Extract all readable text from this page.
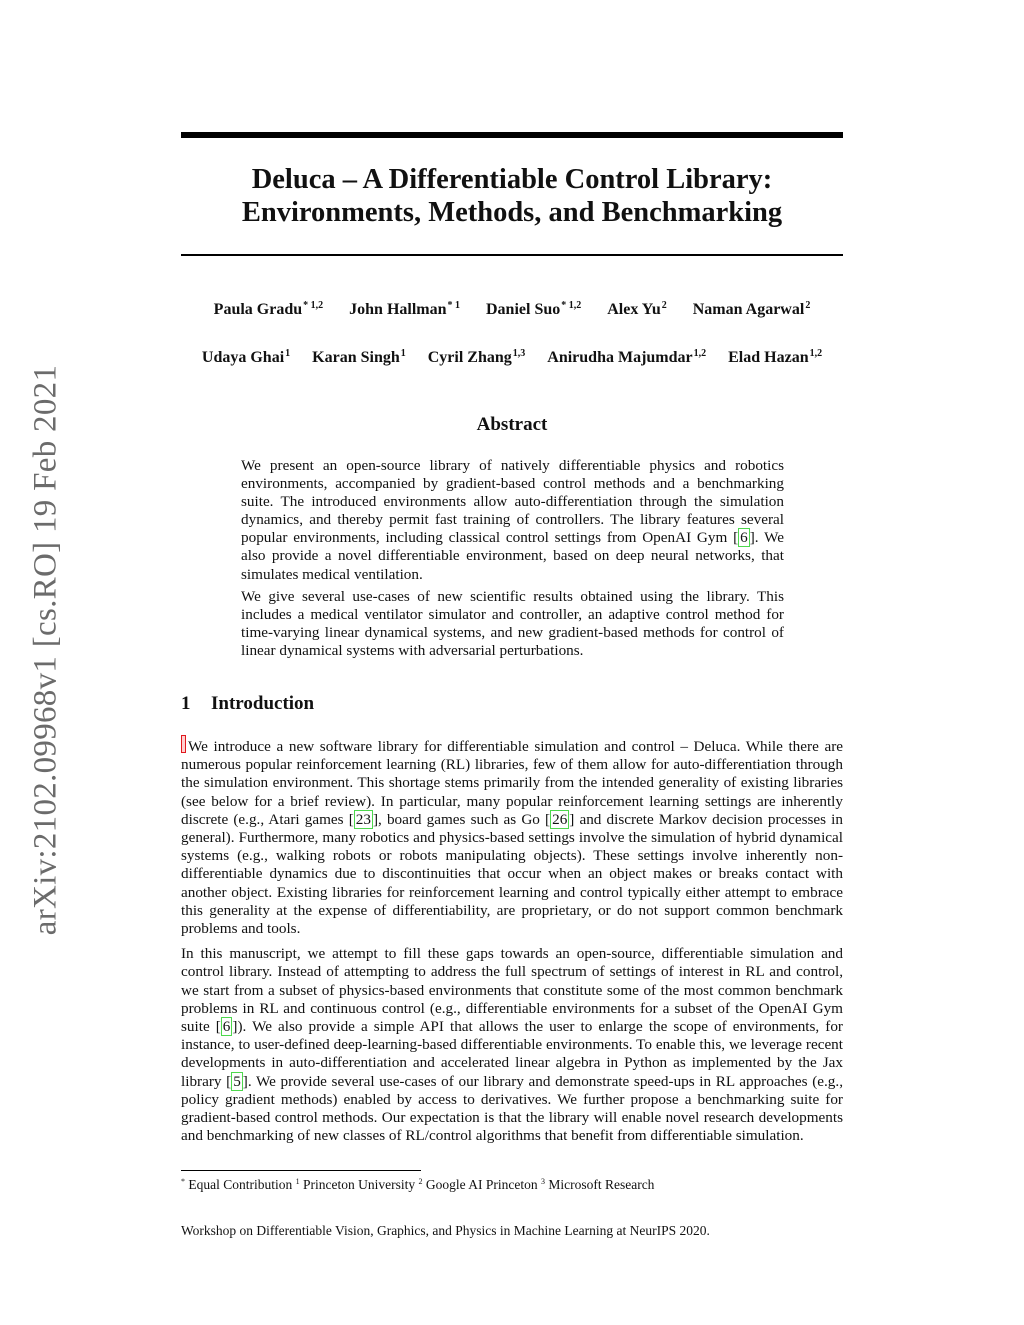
arXiv:2102.09968v1 [cs.RO] 19 Feb 2021
Deluca – A Differentiable Control Library:
Environments, Methods, and Benchmarking
Paula Gradu$^{* 1,2}$ John Hallman$^{* 1}$ Daniel Suo$^{* 1,2}$ Alex Yu$^2$ Naman Agarwal$^2$
Udaya Ghai$^1$ Karan Singh$^1$ Cyril Zhang$^{1,3}$ Anirudha Majumdar$^{1,2}$ Elad Hazan$^{1,2}$
Abstract

We present an open-source library of natively differentiable physics and robotics environments, accompanied by gradient-based control methods and a benchmarking suite. The introduced environments allow auto-differentiation through the simulation dynamics, and thereby permit fast training of controllers. The library features several popular environments, including classical control settings from OpenAI Gym [ 6 ]. We also provide a novel differentiable environment, based on deep neural networks, that simulates medical ventilation.

We give several use-cases of new scientific results obtained using the library. This includes a medical ventilator simulator and controller, an adaptive control method for time-varying linear dynamical systems, and new gradient-based methods for control of linear dynamical systems with adversarial perturbations.

1 Introduction

We introduce a new software library for differentiable simulation and control – Deluca. While there are numerous popular reinforcement learning (RL) libraries, few of them allow for auto-differentiation through the simulation environment. This shortage stems primarily from the intended generality of existing libraries (see below for a brief review). In particular, many popular reinforcement learning settings are inherently discrete (e.g., Atari games [ 23 ], board games such as Go [ 26 ] and discrete Markov decision processes in general). Furthermore, many robotics and physics-based settings involve the simulation of hybrid dynamical systems (e.g., walking robots or robots manipulating objects). These settings involve inherently non-differentiable dynamics due to discontinuities that occur when an object makes or breaks contact with another object. Existing libraries for reinforcement learning and control typically either attempt to embrace this generality at the expense of differentiability, are proprietary, or do not support common benchmark problems and tools.

In this manuscript, we attempt to fill these gaps towards an open-source, differentiable simulation and control library. Instead of attempting to address the full spectrum of settings of interest in RL and control, we start from a subset of physics-based environments that constitute some of the most common benchmark problems in RL and continuous control (e.g., differentiable environments for a subset of the OpenAI Gym suite [ 6 ]). We also provide a simple API that allows the user to enlarge the scope of environments, for instance, to user-defined deep-learning-based differentiable environments. To enable this, we leverage recent developments in auto-differentiation and accelerated linear algebra in Python as implemented by the Jax library [ 5 ]. We provide several use-cases of our library and demonstrate speed-ups in RL approaches (e.g., policy gradient methods) enabled by access to derivatives. We further propose a benchmarking suite for gradient-based control methods. Our expectation is that the library will enable novel research developments and benchmarking of new classes of RL/control algorithms that benefit from differentiable simulation.

* Equal Contribution $^1$ Princeton University $^2$ Google AI Princeton $^3$ Microsoft Research
Workshop on Differentiable Vision, Graphics, and Physics in Machine Learning at NeurIPS 2020.
